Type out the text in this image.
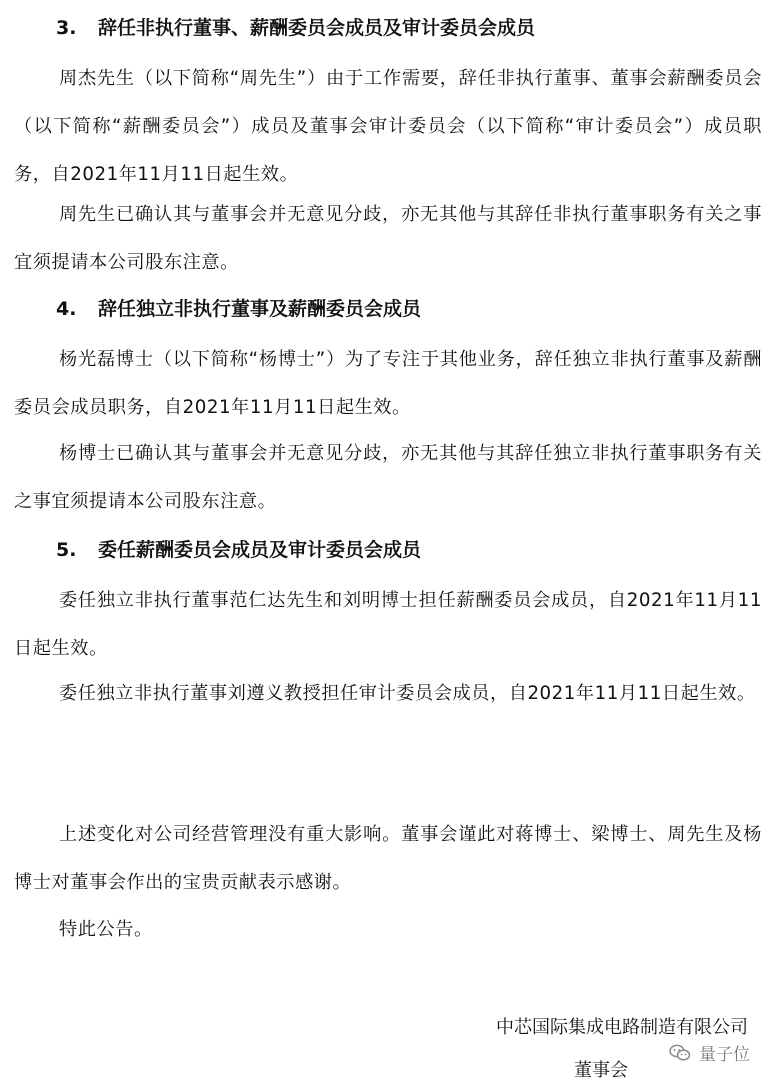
3. 辞任非执行董事、薪酬委员会成员及审计委员会成员

周杰先生（以下简称“周先生”）由于工作需要，辞任非执行董事、董事会薪酬委员会（以下简称“薪酬委员会”）成员及董事会审计委员会（以下简称“审计委员会”）成员职务，自2021年11月11日起生效。

周先生已确认其与董事会并无意见分歧，亦无其他与其辞任非执行董事职务有关之事宜须提请本公司股东注意。

4. 辞任独立非执行董事及薪酬委员会成员

杨光磊博士（以下简称“杨博士”）为了专注于其他业务，辞任独立非执行董事及薪酬委员会成员职务，自2021年11月11日起生效。

杨博士已确认其与董事会并无意见分歧，亦无其他与其辞任独立非执行董事职务有关之事宜须提请本公司股东注意。

5. 委任薪酬委员会成员及审计委员会成员

委任独立非执行董事范仁达先生和刘明博士担任薪酬委员会成员，自2021年11月11日起生效。

委任独立非执行董事刘遵义教授担任审计委员会成员，自2021年11月11日起生效。

上述变化对公司经营管理没有重大影响。董事会谨此对蒋博士、梁博士、周先生及杨博士对董事会作出的宝贵贡献表示感谢。

特此公告。

中芯国际集成电路制造有限公司
董事会
量子位
